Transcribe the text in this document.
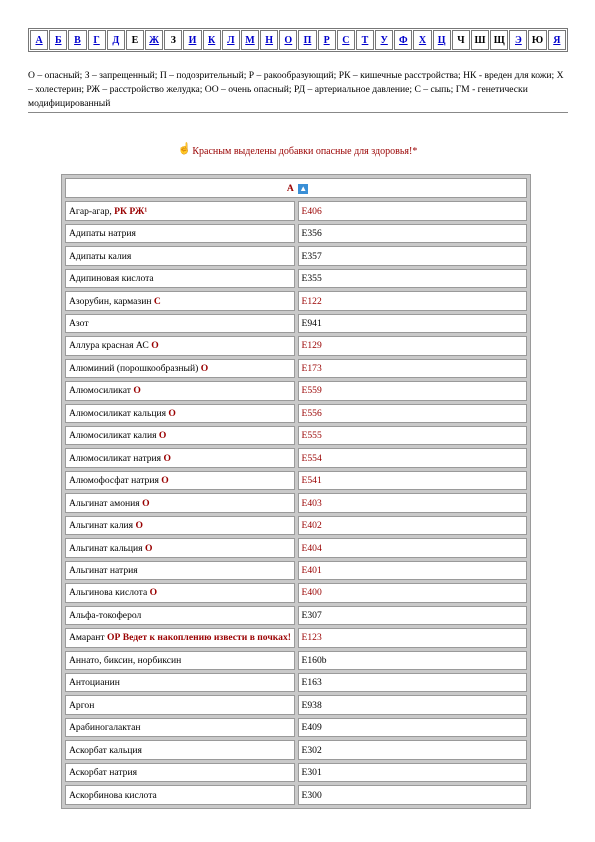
А	Б	В	Г	Д	Е	Ж	З	И	К	Л	М	Н	О	П	Р	С	Т	У	Ф	Х	Ц	Ч	Ш	Щ	Э	Ю	Я
О – опасный; З – запрещенный; П – подозрительный; Р – ракообразующий; РК – кишечные расстройства; НК - вреден для кожи; Х – холестерин; РЖ – расстройство желудка; ОО – очень опасный; РД – артериальное давление; С – сыпь; ГМ - генетически модифицированный
☝Красным выделены добавки опасные для здоровья!*
А ▲	
Агар-агар, РК РЖ¹	Е406
Адипаты натрия	Е356
Адипаты калия	Е357
Адипиновая кислота	Е355
Азорубин, кармазин С	Е122
Азот	Е941
Аллура красная АС О	Е129
Алюминий (порошкообразный) О	Е173
Алюмосиликат О	Е559
Алюмосиликат кальция О	Е556
Алюмосиликат калия О	Е555
Алюмосиликат натрия О	Е554
Алюмофосфат натрия О	Е541
Альгинат амония О	Е403
Альгинат калия О	Е402
Альгинат кальция О	Е404
Альгинат натрия	Е401
Альгинова кислота О	Е400
Альфа-токоферол	Е307
Амарант ОР Ведет к накоплению извести в почках!	Е123
Аннато, биксин, норбиксин	Е160b
Антоцианин	Е163
Аргон	Е938
Арабиногалактан	Е409
Аскорбат кальция	Е302
Аскорбат натрия	Е301
Аскорбинова кислота	Е300
